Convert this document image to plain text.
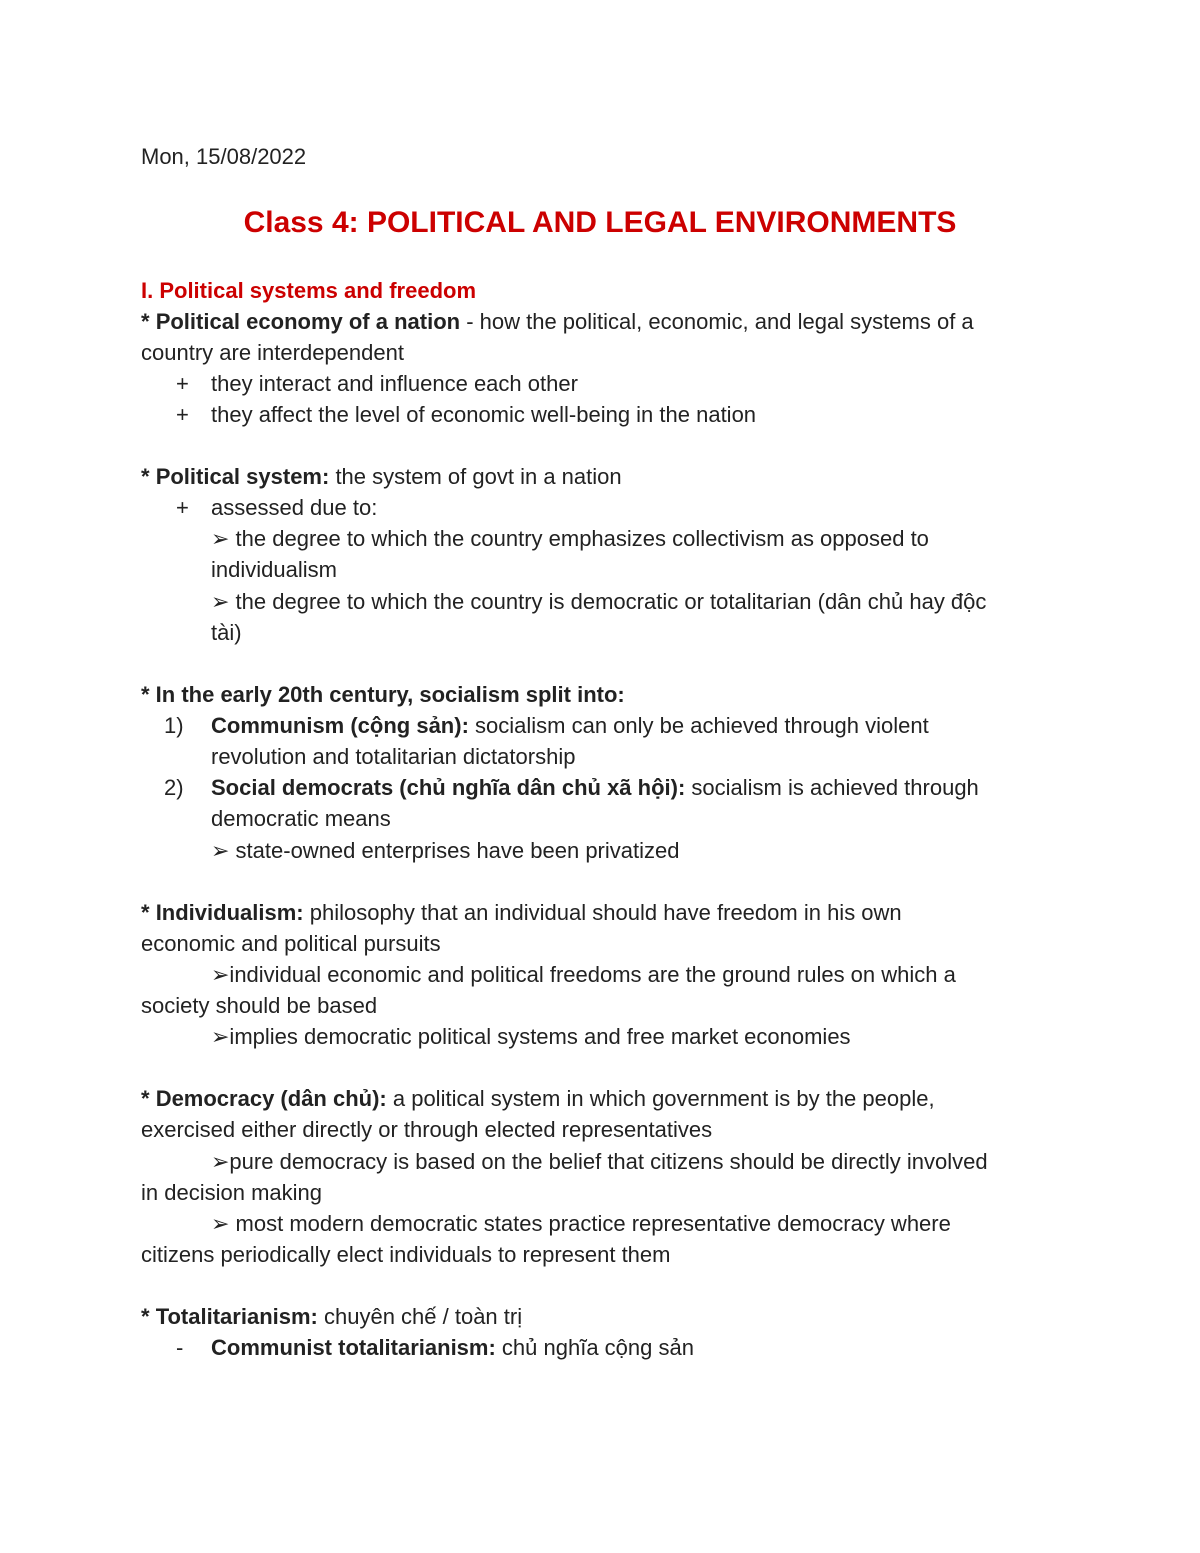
Mon, 15/08/2022
Class 4: POLITICAL AND LEGAL ENVIRONMENTS
I. Political systems and freedom
* Political economy of a nation - how the political, economic, and legal systems of a
country are interdependent
+	they interact and influence each other
+	they affect the level of economic well-being in the nation
* Political system: the system of govt in a nation
+	assessed due to:
➢ the degree to which the country emphasizes collectivism as opposed to
individualism
➢ the degree to which the country is democratic or totalitarian (dân chủ hay độc
tài)
* In the early 20th century, socialism split into:
1)	Communism (cộng sản): socialism can only be achieved through violent
revolution and totalitarian dictatorship
2)	Social democrats (chủ nghĩa dân chủ xã hội): socialism is achieved through
democratic means
➢ state-owned enterprises have been privatized
* Individualism: philosophy that an individual should have freedom in his own
economic and political pursuits
➢individual economic and political freedoms are the ground rules on which a
society should be based
➢implies democratic political systems and free market economies
* Democracy (dân chủ): a political system in which government is by the people,
exercised either directly or through elected representatives
➢pure democracy is based on the belief that citizens should be directly involved
in decision making
➢ most modern democratic states practice representative democracy where
citizens periodically elect individuals to represent them
* Totalitarianism: chuyên chế / toàn trị
-	Communist totalitarianism: chủ nghĩa cộng sản
